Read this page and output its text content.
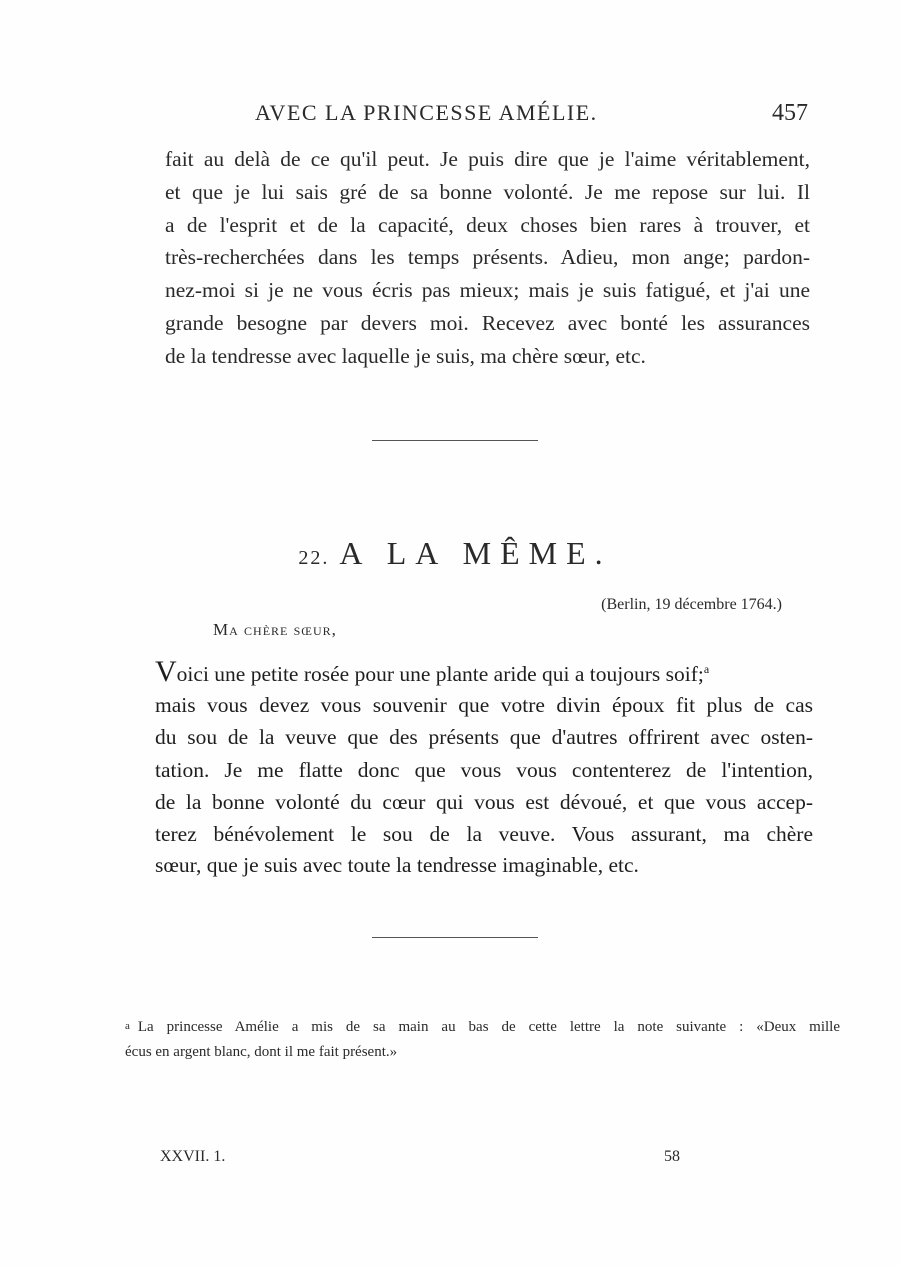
AVEC LA PRINCESSE AMÉLIE.	457
fait au delà de ce qu'il peut. Je puis dire que je l'aime véritablement,
et que je lui sais gré de sa bonne volonté. Je me repose sur lui. Il
a de l'esprit et de la capacité, deux choses bien rares à trouver, et
très-recherchées dans les temps présents. Adieu, mon ange; pardon-
nez-moi si je ne vous écris pas mieux; mais je suis fatigué, et j'ai une
grande besogne par devers moi. Recevez avec bonté les assurances
de la tendresse avec laquelle je suis, ma chère sœur, etc.
22. A LA MÊME.
(Berlin, 19 décembre 1764.)
Ma chère sœur,
Voici une petite rosée pour une plante aride qui a toujours soif;$^a$
mais vous devez vous souvenir que votre divin époux fit plus de cas
du sou de la veuve que des présents que d'autres offrirent avec osten-
tation. Je me flatte donc que vous vous contenterez de l'intention,
de la bonne volonté du cœur qui vous est dévoué, et que vous accep-
terez bénévolement le sou de la veuve. Vous assurant, ma chère
sœur, que je suis avec toute la tendresse imaginable, etc.
a La princesse Amélie a mis de sa main au bas de cette lettre la note suivante : «Deux mille
écus en argent blanc, dont il me fait présent.»
XXVII. 1.	58
